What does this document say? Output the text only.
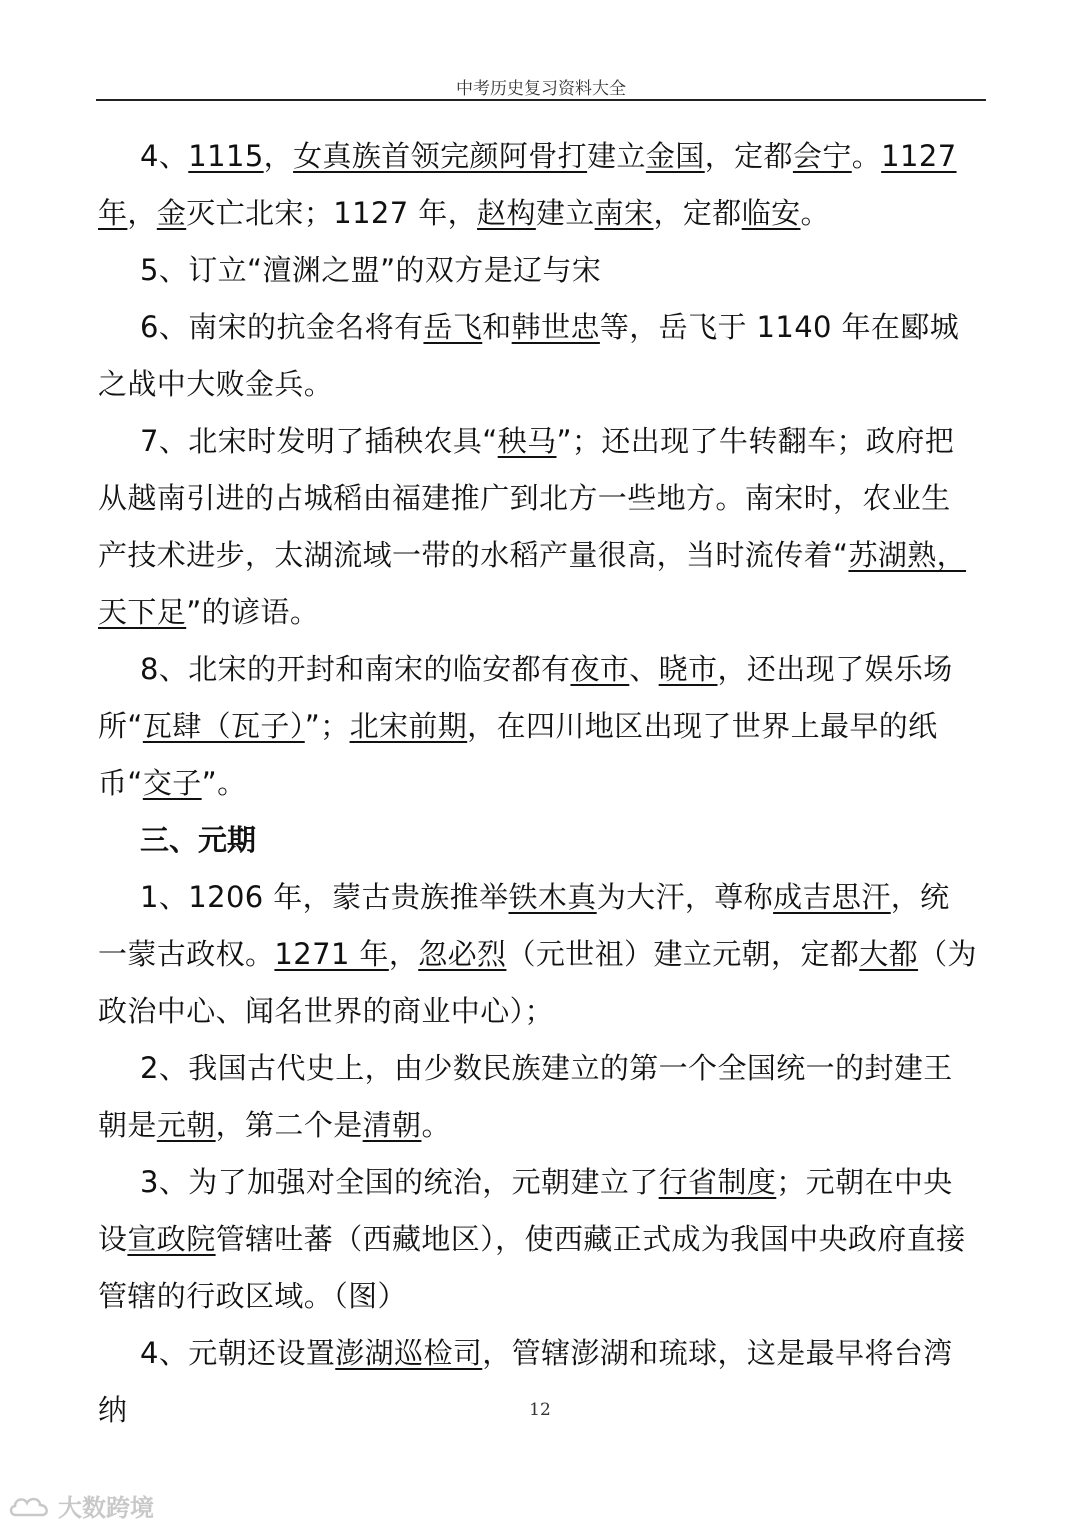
中考历史复习资料大全

4、1115，女真族首领完颜阿骨打建立金国，定都会宁。1127年，金灭亡北宋；1127 年，赵构建立南宋，定都临安。

5、订立“澶渊之盟”的双方是辽与宋

6、南宋的抗金名将有岳飞和韩世忠等，岳飞于 1140 年在郾城之战中大败金兵。

7、北宋时发明了插秧农具“秧马”；还出现了牛转翻车；政府把从越南引进的占城稻由福建推广到北方一些地方。南宋时，农业生产技术进步，太湖流域一带的水稻产量很高，当时流传着“苏湖熟，天下足”的谚语。

8、北宋的开封和南宋的临安都有夜市、晓市，还出现了娱乐场所“瓦肆（瓦子）”；北宋前期，在四川地区出现了世界上最早的纸币“交子”。

三、元期

1、1206 年，蒙古贵族推举铁木真为大汗，尊称成吉思汗，统一蒙古政权。1271 年，忽必烈（元世祖）建立元朝，定都大都（为政治中心、闻名世界的商业中心）；

2、我国古代史上，由少数民族建立的第一个全国统一的封建王朝是元朝，第二个是清朝。

3、为了加强对全国的统治，元朝建立了行省制度；元朝在中央设宣政院管辖吐蕃（西藏地区），使西藏正式成为我国中央政府直接管辖的行政区域。（图）

4、元朝还设置澎湖巡检司，管辖澎湖和琉球，这是最早将台湾纳	12
大数跨境
